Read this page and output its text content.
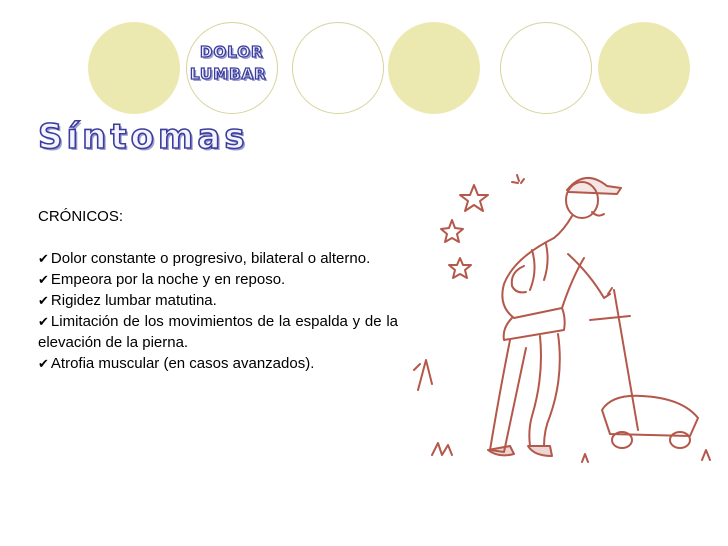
DOLOR
LUMBAR
Síntomas

CRÓNICOS:

✔ Dolor constante o progresivo, bilateral o alterno.

✔ Empeora por la noche y en reposo.

✔ Rigidez lumbar matutina.

✔ Limitación de los movimientos de la espalda y de la elevación de la pierna.

✔ Atrofia muscular (en casos avanzados).
